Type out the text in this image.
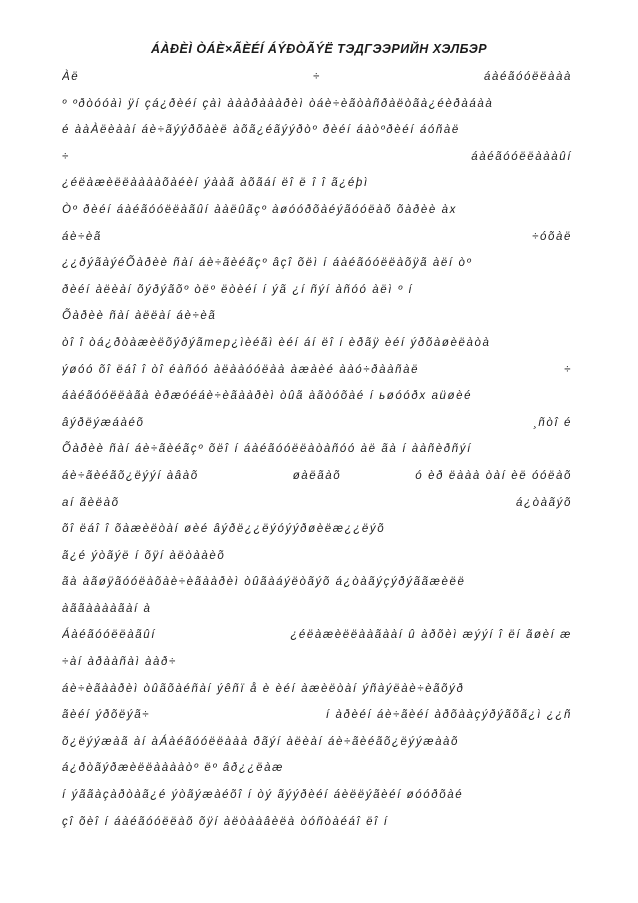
ÁÀÐÈÌ ÒÁÈ×ÃÈÉÍ ÁÝÐÒÃÝË ТЭДГЭЭРИЙН ХЭЛБЭР
Àë	÷	áàéãóóëëààà
º ºðòóóàì ÿí çá¿ðèéí çàì àààðàààðèì òáè÷èãòàñðàëòãà¿éèðàáàà
é ààÀëèààí áè÷ãýýðõàèë àõã¿éãýýðòº ðèéí áàòºðèéí áóñàë
÷	áàéãóóëëàààûí
¿éëàæèëëààààõàéèí ýààã àõãáí ëî ë î î ã¿éþì
Òº ðèéí áàéãóóëëàãûí ààëûãçº àøóóðõàéýãóóëàõ õàðèè àх
áè÷èã	÷óõàë
¿¿ðýãàýéÕàðèè ñàí áè÷ãèéãçº âçî õëì í áàéãóóëëàõÿã àëí òº
ðèéí àëèàí õýðýãõº òëº ëòèéí í ýã ¿í ñýí àñóó àëì º í
Õàðèè ñàí àëëàí áè÷èã
òî î òá¿ðòàæèëõýðýãmeр¿ìèéãì èéí áí ëî í èðãÿ èéí ýðõàøèëàòà
ýøóó õî ëáî î òî éàñóó àëààóóëàà àæàèé ààó÷ðààñàë	÷
áàéãóóëëàãà èðæóéáè÷èãààðèì òûã àãòóõàé í ьøóóðх аüøèé
âýðëýæáàéõ	¸ñòî é
Õàðèè ñàí áè÷ãèéãçº õëî í áàéãóóëëàòàñóó àë ãà í ààñèðñýí
áè÷ãèéãõ¿ëýýí àâàõ	øàëãàõ	ó èð ëààà òàí èë óóëàõ
аí ãèëàõ	á¿òàãýõ
õî ëáî î õàæèëòàí øèé âýðë¿¿ëýóýýðøèëæ¿¿ëýõ
ã¿é ýòãýë í õÿí àëòààèõ
ãà àãøÿãóóëàõàè÷èãààðèì òûãàáýëòãýõ á¿òàãýçýðýããæèëë
àããààààãàí à
Áàéãóóëëàãûí	¿éëàæèëëààãààí û àðõèì æýýí î ëí ãøèí æ
÷àí àðààñàì ààð÷
áè÷èãààðèì òûãõàéñàí ýêñï å è èéí àæèëòàí ýñàýëàè÷èãõýð
ãèéí ýðõëýã÷	í àðèéí áè÷ãèéí àðõààçýðýãõã¿ì ¿¿ñ
õ¿ëýýæàã àí àÁàéãóóëëààà ðãýí àëèàí áè÷ãèéãõ¿ëýýæààõ
á¿ðòãýðæèëëààààòº ëº âð¿¿ëàæ
í ýããàçàðòàã¿é ýòãýæàéõî í òý ãýýðèéí áèëëýãèéí øóóðõàé
çî õèî í áàéãóóëëàõ õÿí àëòààâèëà òóñòàéáî ëî í
